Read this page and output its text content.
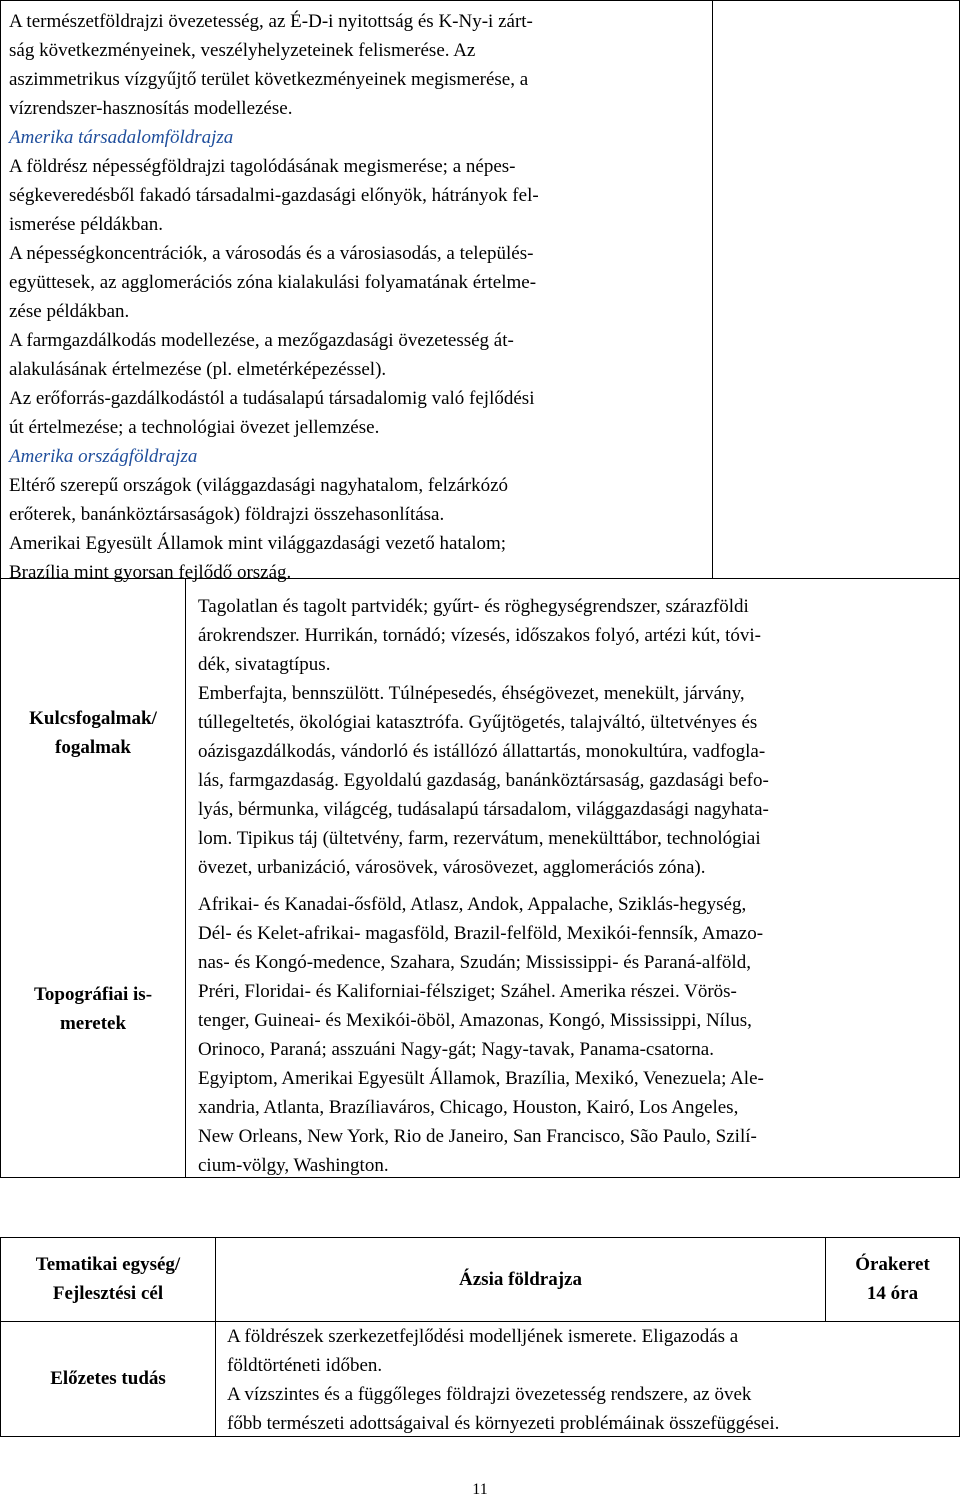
A természetföldrajzi övezetesség, az É-D-i nyitottság és K-Ny-i zárt-

ság következményeinek, veszélyhelyzeteinek felismerése. Az

aszimmetrikus vízgyűjtő terület következményeinek megismerése, a

vízrendszer-hasznosítás modellezése.

Amerika társadalomföldrajza

A földrész népességföldrajzi tagolódásának megismerése; a népes-

ségkeveredésből fakadó társadalmi-gazdasági előnyök, hátrányok fel-

ismerése példákban.

A népességkoncentrációk, a városodás és a városiasodás, a település-

együttesek, az agglomerációs zóna kialakulási folyamatának értelme-

zése példákban.

A farmgazdálkodás modellezése, a mezőgazdasági övezetesség át-

alakulásának értelmezése (pl. elmetérképezéssel).

Az erőforrás-gazdálkodástól a tudásalapú társadalomig való fejlődési

út értelmezése; a technológiai övezet jellemzése.

Amerika országföldrajza

Eltérő szerepű országok (világgazdasági nagyhatalom, felzárkózó

erőterek, banánköztársaságok) földrajzi összehasonlítása.

Amerikai Egyesült Államok mint világgazdasági vezető hatalom;

Brazília mint gyorsan fejlődő ország.

Kulcsfogalmak/
fogalmak
Topográfiai is-
meretek

Tagolatlan és tagolt partvidék; gyűrt- és röghegységrendszer, szárazföldi

árokrendszer. Hurrikán, tornádó; vízesés, időszakos folyó, artézi kút, tóvi-

dék, sivatagtípus.

Emberfajta, bennszülött. Túlnépesedés, éhségövezet, menekült, járvány,

túllegeltetés, ökológiai katasztrófa. Gyűjtögetés, talajváltó, ültetvényes és

oázisgazdálkodás, vándorló és istállózó állattartás, monokultúra, vadfogla-

lás, farmgazdaság. Egyoldalú gazdaság, banánköztársaság, gazdasági befo-

lyás, bérmunka, világcég, tudásalapú társadalom, világgazdasági nagyhata-

lom. Tipikus táj (ültetvény, farm, rezervátum, menekülttábor, technológiai

övezet, urbanizáció, városövek, városövezet, agglomerációs zóna).

Afrikai- és Kanadai-ősföld, Atlasz, Andok, Appalache, Sziklás-hegység,

Dél- és Kelet-afrikai- magasföld, Brazil-felföld, Mexikói-fennsík, Amazo-

nas- és Kongó-medence, Szahara, Szudán; Mississippi- és Paraná-alföld,

Préri, Floridai- és Kaliforniai-félsziget; Száhel. Amerika részei. Vörös-

tenger, Guineai- és Mexikói-öböl, Amazonas, Kongó, Mississippi, Nílus,

Orinoco, Paraná; asszuáni Nagy-gát; Nagy-tavak, Panama-csatorna.

Egyiptom, Amerikai Egyesült Államok, Brazília, Mexikó, Venezuela; Ale-

xandria, Atlanta, Brazíliaváros, Chicago, Houston, Kairó, Los Angeles,

New Orleans, New York, Rio de Janeiro, San Francisco, São Paulo, Szilí-

cium-völgy, Washington.

Tematikai egység/
Fejlesztési cél
Ázsia földrajza
Órakeret
14 óra
Előzetes tudás

A földrészek szerkezetfejlődési modelljének ismerete. Eligazodás a

földtörténeti időben.

A vízszintes és a függőleges földrajzi övezetesség rendszere, az övek

főbb természeti adottságaival és környezeti problémáinak összefüggései.

11
